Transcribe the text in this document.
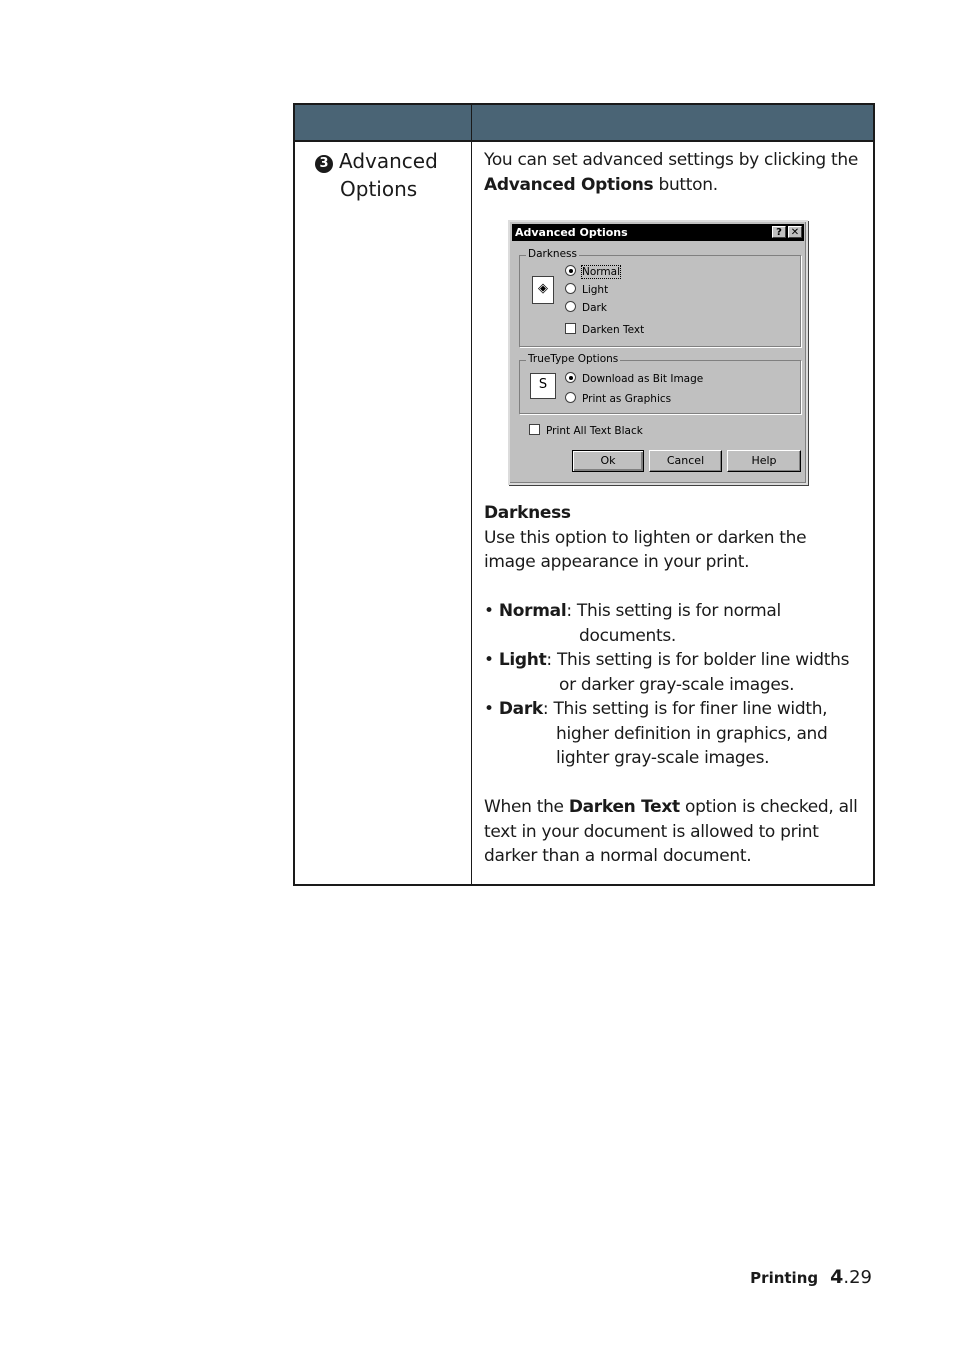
3 Advanced
Options

You can set advanced settings by clicking the Advanced Options button.

Advanced Options	? ✕
Darkness
◈
Normal
Light
Dark
Darken Text
TrueType Options
S	Download as Bit Image
Print as Graphics
Print All Text Black
Ok	Cancel	Help

Darkness

Use this option to lighten or darken the image appearance in your print.

• Normal: This setting is for normal

documents.

• Light: This setting is for bolder line widths

or darker gray-scale images.

• Dark: This setting is for finer line width,

higher definition in graphics, and

lighter gray-scale images.

When the Darken Text option is checked, all text in your document is allowed to print darker than a normal document.

Printing 4.29
